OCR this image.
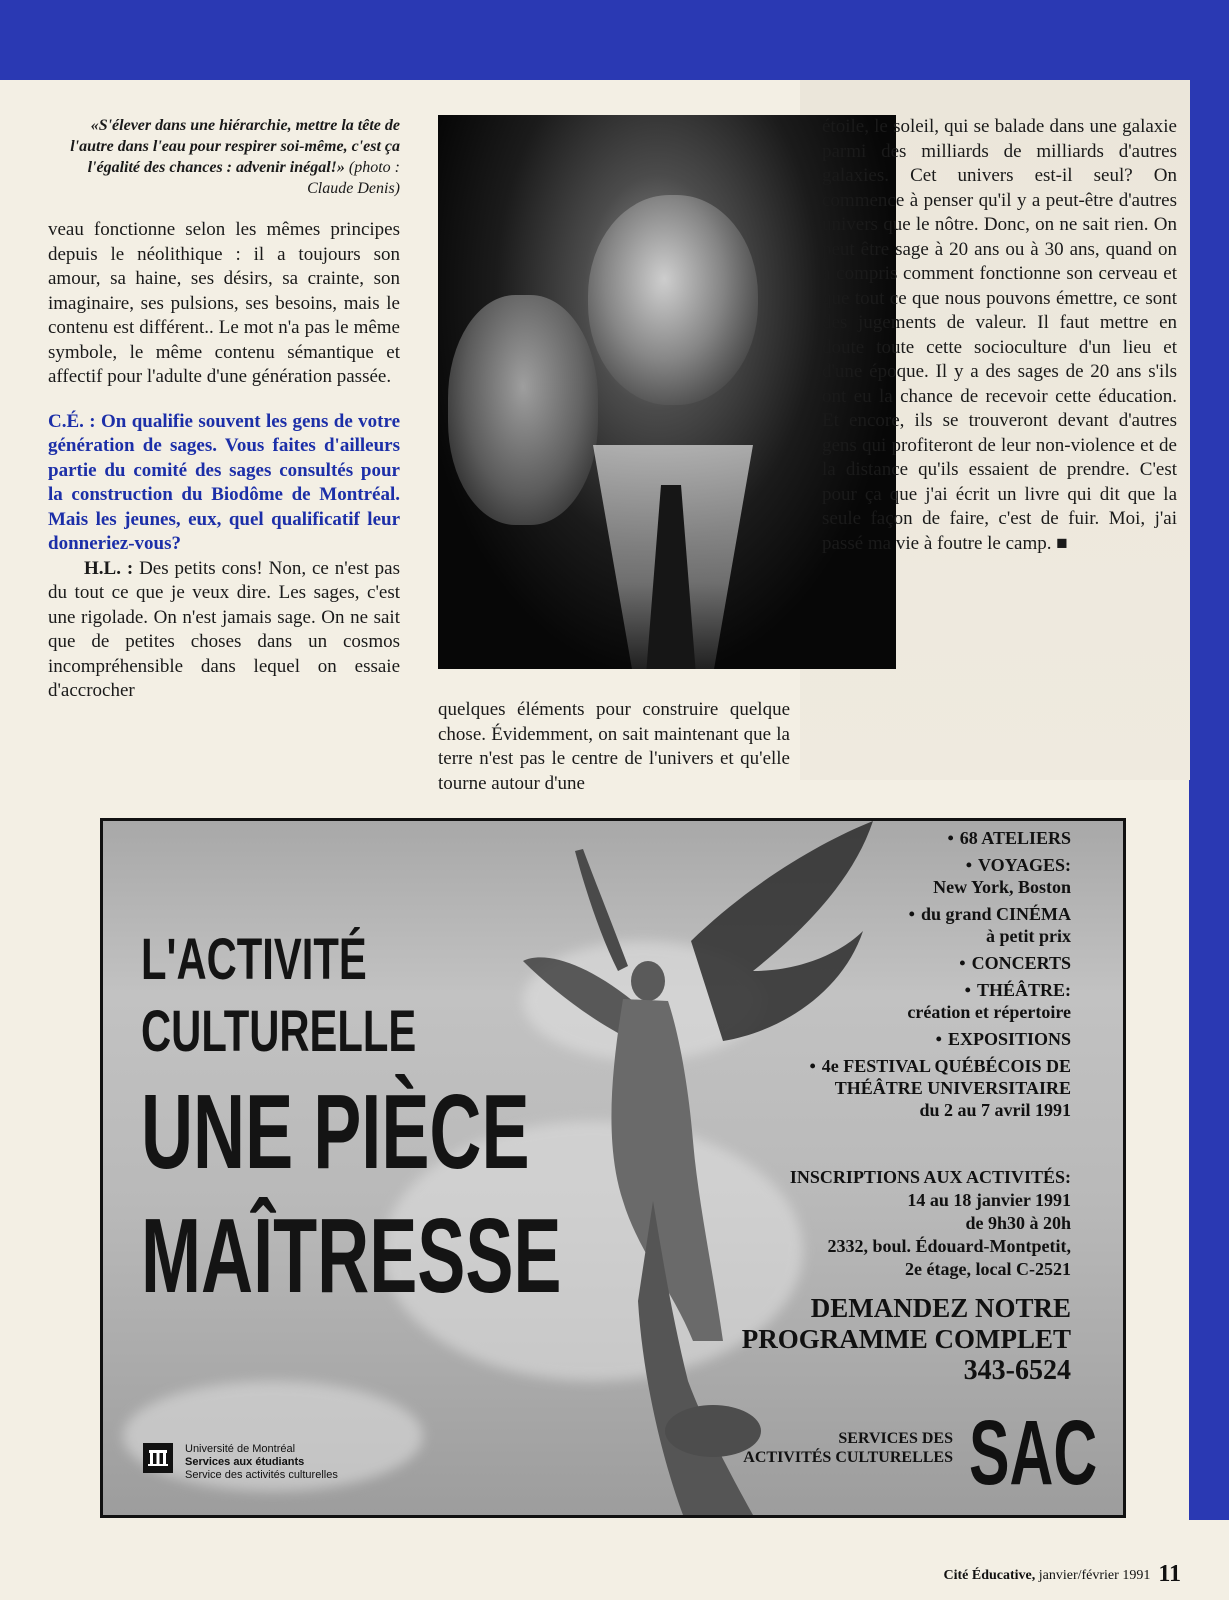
«S'élever dans une hiérarchie, mettre la tête de l'autre dans l'eau pour respirer soi-même, c'est ça l'égalité des chances : advenir inégal!» (photo : Claude Denis)

veau fonctionne selon les mêmes principes depuis le néolithique : il a toujours son amour, sa haine, ses désirs, sa crainte, son imaginaire, ses pulsions, ses besoins, mais le contenu est différent.. Le mot n'a pas le même symbole, le même contenu sémantique et affectif pour l'adulte d'une génération passée.

C.É. : On qualifie souvent les gens de votre génération de sages. Vous faites d'ailleurs partie du comité des sages consultés pour la construction du Biodôme de Montréal. Mais les jeunes, eux, quel qualificatif leur donneriez-vous?

H.L. : Des petits cons! Non, ce n'est pas du tout ce que je veux dire. Les sages, c'est une rigolade. On n'est jamais sage. On ne sait que de petites choses dans un cosmos incompréhensible dans lequel on essaie d'accrocher

quelques éléments pour construire quelque chose. Évidemment, on sait maintenant que la terre n'est pas le centre de l'univers et qu'elle tourne autour d'une

étoile, le soleil, qui se balade dans une galaxie parmi des milliards de milliards d'autres galaxies. Cet univers est-il seul? On commence à penser qu'il y a peut-être d'autres univers que le nôtre. Donc, on ne sait rien. On peut être sage à 20 ans ou à 30 ans, quand on a compris comment fonctionne son cerveau et que tout ce que nous pouvons émettre, ce sont des jugements de valeur. Il faut mettre en doute toute cette socioculture d'un lieu et d'une époque. Il y a des sages de 20 ans s'ils ont eu la chance de recevoir cette éducation. Et encore, ils se trouveront devant d'autres gens qui profiteront de leur non-violence et de la distance qu'ils essaient de prendre. C'est pour ça que j'ai écrit un livre qui dit que la seule façon de faire, c'est de fuir. Moi, j'ai passé ma vie à foutre le camp. ■

L'ACTIVITÉ
CULTURELLE
UNE PIÈCE
MAÎTRESSE
• 68 ATELIERS
• VOYAGES:
New York, Boston
• du grand CINÉMA
à petit prix
• CONCERTS
• THÉÂTRE:
création et répertoire
• EXPOSITIONS
• 4e FESTIVAL QUÉBÉCOIS DE
THÉÂTRE UNIVERSITAIRE
du 2 au 7 avril 1991
INSCRIPTIONS AUX ACTIVITÉS:
14 au 18 janvier 1991
de 9h30 à 20h
2332, boul. Édouard-Montpetit,
2e étage, local C-2521
DEMANDEZ NOTRE
PROGRAMME COMPLET
343-6524
SERVICES DES
ACTIVITÉS CULTURELLES SAC
Université de Montréal
Services aux étudiants
Service des activités culturelles
Cité Éducative, janvier/février 1991 11
